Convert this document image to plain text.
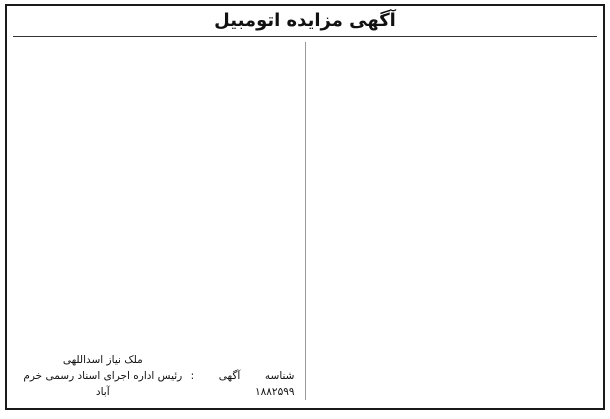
آگهی مزایده اتومبیل
شناسه آگهی : ۱۸۸۲۵۹۹
ملک نیاز اسداللهی
رئیس اداره اجرای اسناد رسمی خرم آباد
